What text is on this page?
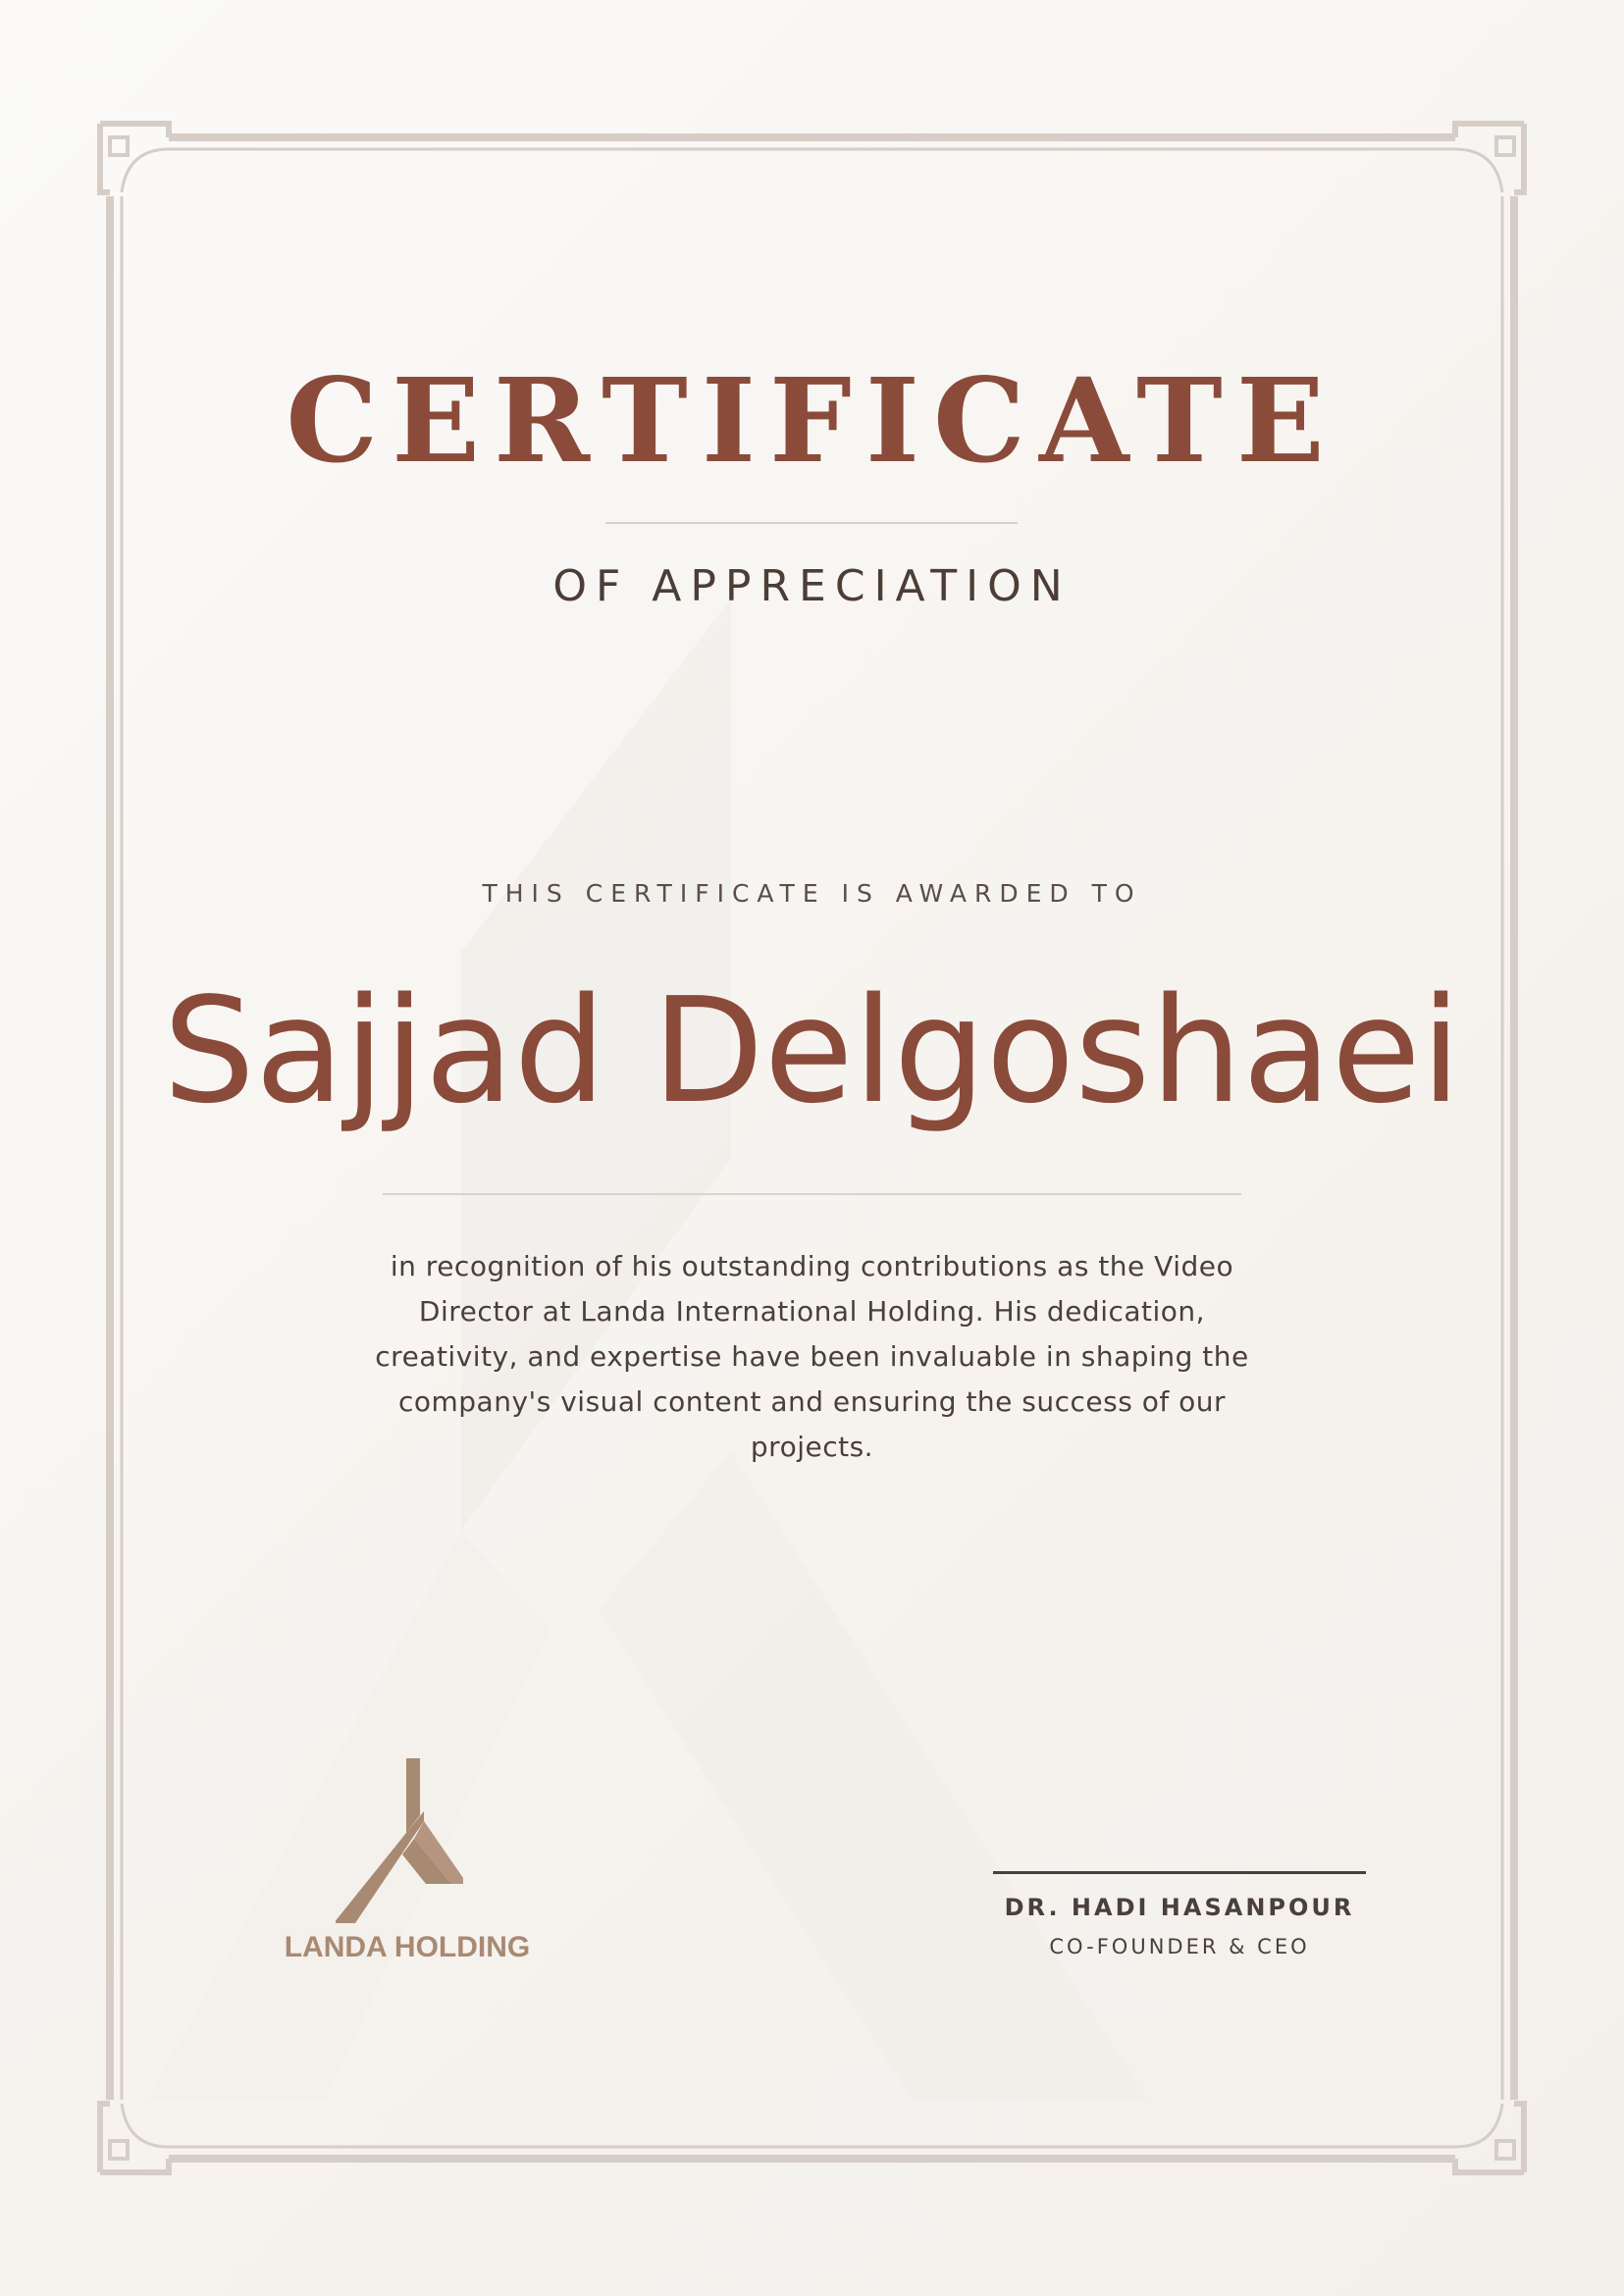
CERTIFICATE
OF APPRECIATION
THIS CERTIFICATE IS AWARDED TO
Sajjad Delgoshaei

in recognition of his outstanding contributions as the Video Director at Landa International Holding. His dedication, creativity, and expertise have been invaluable in shaping the company's visual content and ensuring the success of our projects.

LANDA HOLDING
DR. HADI HASANPOUR
CO-FOUNDER & CEO
